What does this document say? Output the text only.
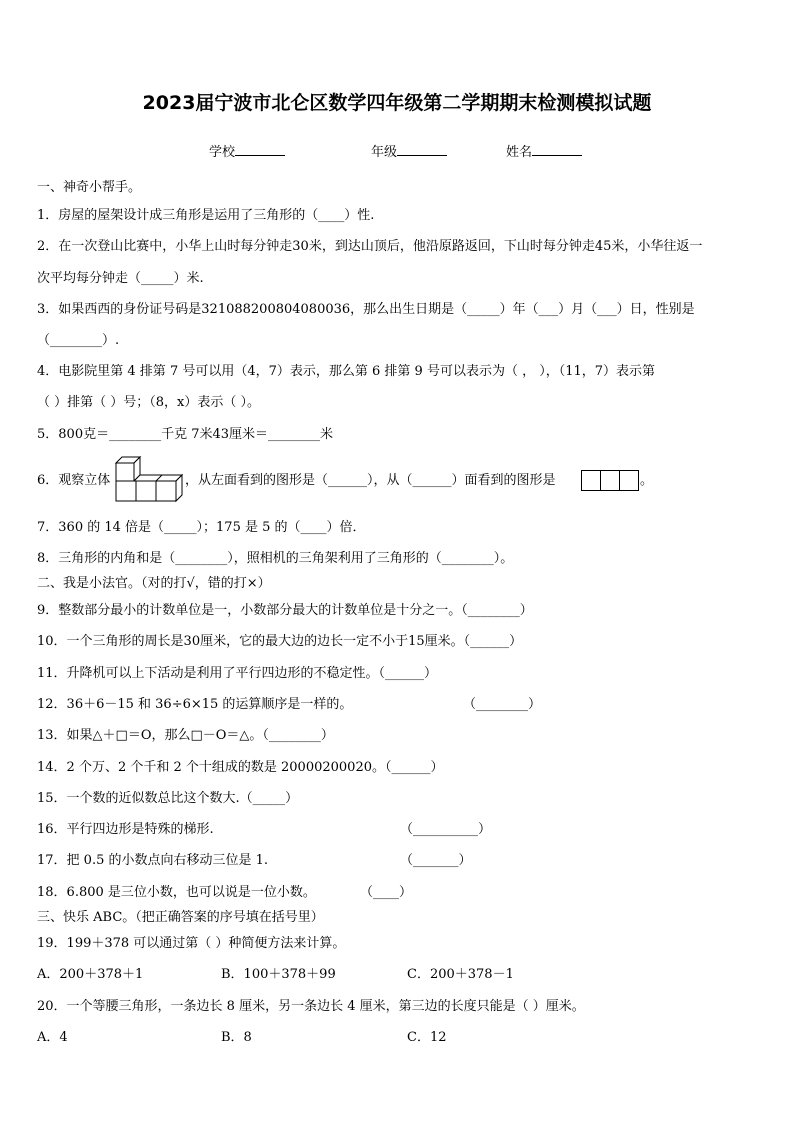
2023届宁波市北仑区数学四年级第二学期期末检测模拟试题
学校	年级	姓名
一、神奇小帮手。
1．房屋的屋架设计成三角形是运用了三角形的（____）性.
2．在一次登山比赛中，小华上山时每分钟走30米，到达山顶后，他沿原路返回，下山时每分钟走45米，小华往返一
次平均每分钟走（_____）米.
3．如果西西的身份证号码是321088200804080036，那么出生日期是（_____）年（___）月（___）日，性别是
（________）.
4．电影院里第 4 排第 7 号可以用（4，7）表示，那么第 6 排第 9 号可以表示为（ ， ），（11，7）表示第
（ ）排第（ ）号；（8，x）表示（ ）。
5．800克＝________千克 7米43厘米＝________米
6．观察立体	，从左面看到的图形是（______），从（______）面看到的图形是	。
7．360 的 14 倍是（_____）；175 是 5 的（____）倍．
8．三角形的内角和是（________），照相机的三角架利用了三角形的（________）。
二、我是小法官。（对的打√，错的打×）
9．整数部分最小的计数单位是一，小数部分最大的计数单位是十分之一。（________）
10．一个三角形的周长是30厘米，它的最大边的边长一定不小于15厘米。（______）
11．升降机可以上下活动是利用了平行四边形的不稳定性。（______）
12．36＋6－15 和 36÷6×15 的运算顺序是一样的。	（________）
13．如果△＋□＝O，那么□－O＝△。（________）
14．2 个万、2 个千和 2 个十组成的数是 20000200020。（______）
15．一个数的近似数总比这个数大.（_____）
16．平行四边形是特殊的梯形.	（__________）
17．把 0.5 的小数点向右移动三位是 1.	（_______）
18．6.800 是三位小数，也可以说是一位小数。	（____）
三、快乐 ABC。（把正确答案的序号填在括号里）
19．199＋378 可以通过第（ ）种简便方法来计算。
A．200＋378＋1	B．100＋378＋99	C．200＋378－1
20．一个等腰三角形，一条边长 8 厘米，另一条边长 4 厘米，第三边的长度只能是（ ）厘米。
A．4	B．8	C．12
